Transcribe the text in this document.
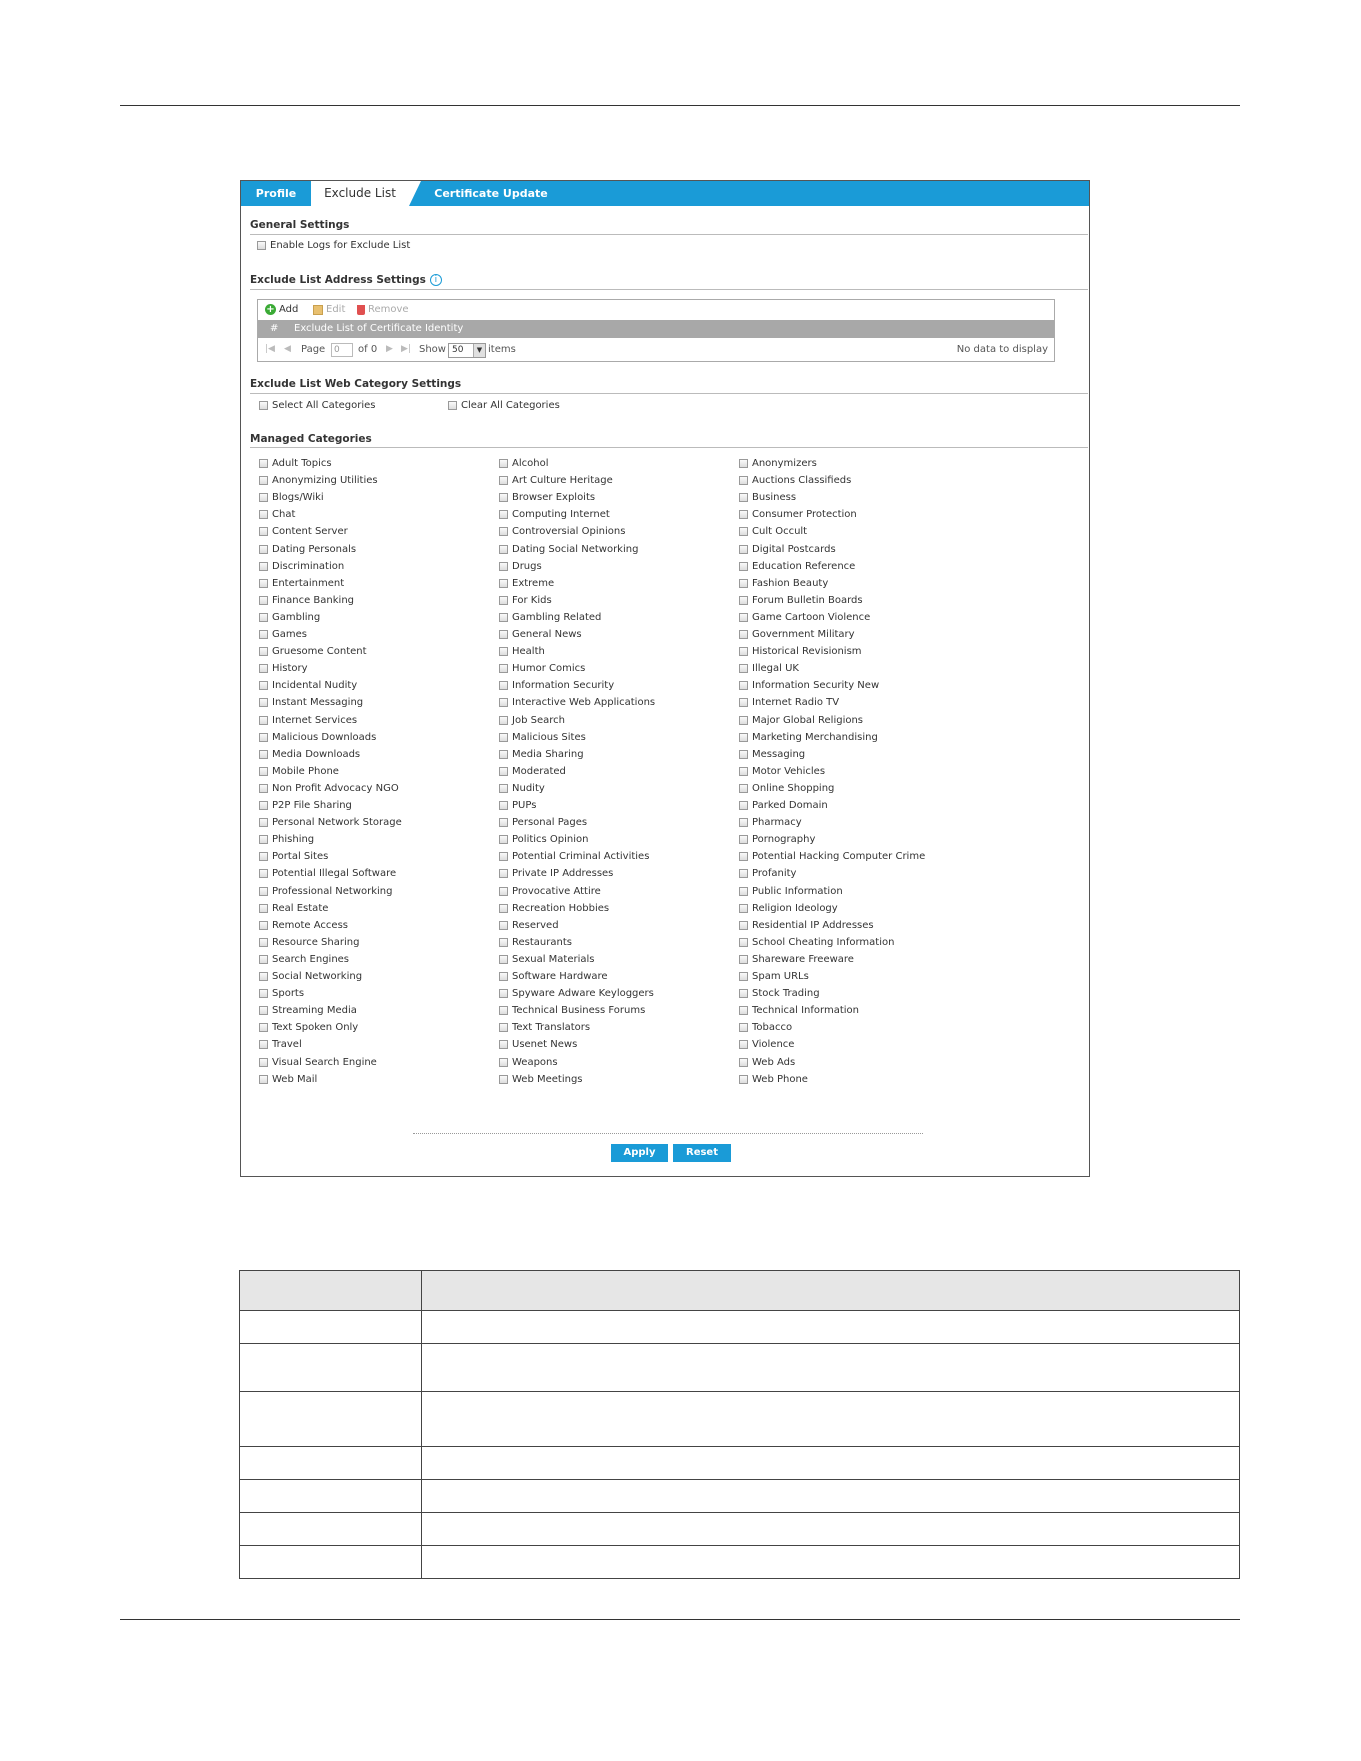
Profile	Exclude List	Certificate Update
General Settings
Enable Logs for Exclude List
Exclude List Address Settings i
+ Add	Edit Remove
# Exclude List of Certificate Identity
|◀ ◀ Page 0	of 0 ▶ ▶| Show 50	▼ items	No data to display
Exclude List Web Category Settings
Select All Categories	Clear All Categories
Managed Categories
Adult Topics
Anonymizing Utilities
Blogs/Wiki
Chat
Content Server
Dating Personals
Discrimination
Entertainment
Finance Banking
Gambling
Games
Gruesome Content
History
Incidental Nudity
Instant Messaging
Internet Services
Malicious Downloads
Media Downloads
Mobile Phone
Non Profit Advocacy NGO
P2P File Sharing
Personal Network Storage
Phishing
Portal Sites
Potential Illegal Software
Professional Networking
Real Estate
Remote Access
Resource Sharing
Search Engines
Social Networking
Sports
Streaming Media
Text Spoken Only
Travel
Visual Search Engine
Web Mail
Alcohol
Art Culture Heritage
Browser Exploits
Computing Internet
Controversial Opinions
Dating Social Networking
Drugs
Extreme
For Kids
Gambling Related
General News
Health
Humor Comics
Information Security
Interactive Web Applications
Job Search
Malicious Sites
Media Sharing
Moderated
Nudity
PUPs
Personal Pages
Politics Opinion
Potential Criminal Activities
Private IP Addresses
Provocative Attire
Recreation Hobbies
Reserved
Restaurants
Sexual Materials
Software Hardware
Spyware Adware Keyloggers
Technical Business Forums
Text Translators
Usenet News
Weapons
Web Meetings
Anonymizers
Auctions Classifieds
Business
Consumer Protection
Cult Occult
Digital Postcards
Education Reference
Fashion Beauty
Forum Bulletin Boards
Game Cartoon Violence
Government Military
Historical Revisionism
Illegal UK
Information Security New
Internet Radio TV
Major Global Religions
Marketing Merchandising
Messaging
Motor Vehicles
Online Shopping
Parked Domain
Pharmacy
Pornography
Potential Hacking Computer Crime
Profanity
Public Information
Religion Ideology
Residential IP Addresses
School Cheating Information
Shareware Freeware
Spam URLs
Stock Trading
Technical Information
Tobacco
Violence
Web Ads
Web Phone
Apply	Reset
